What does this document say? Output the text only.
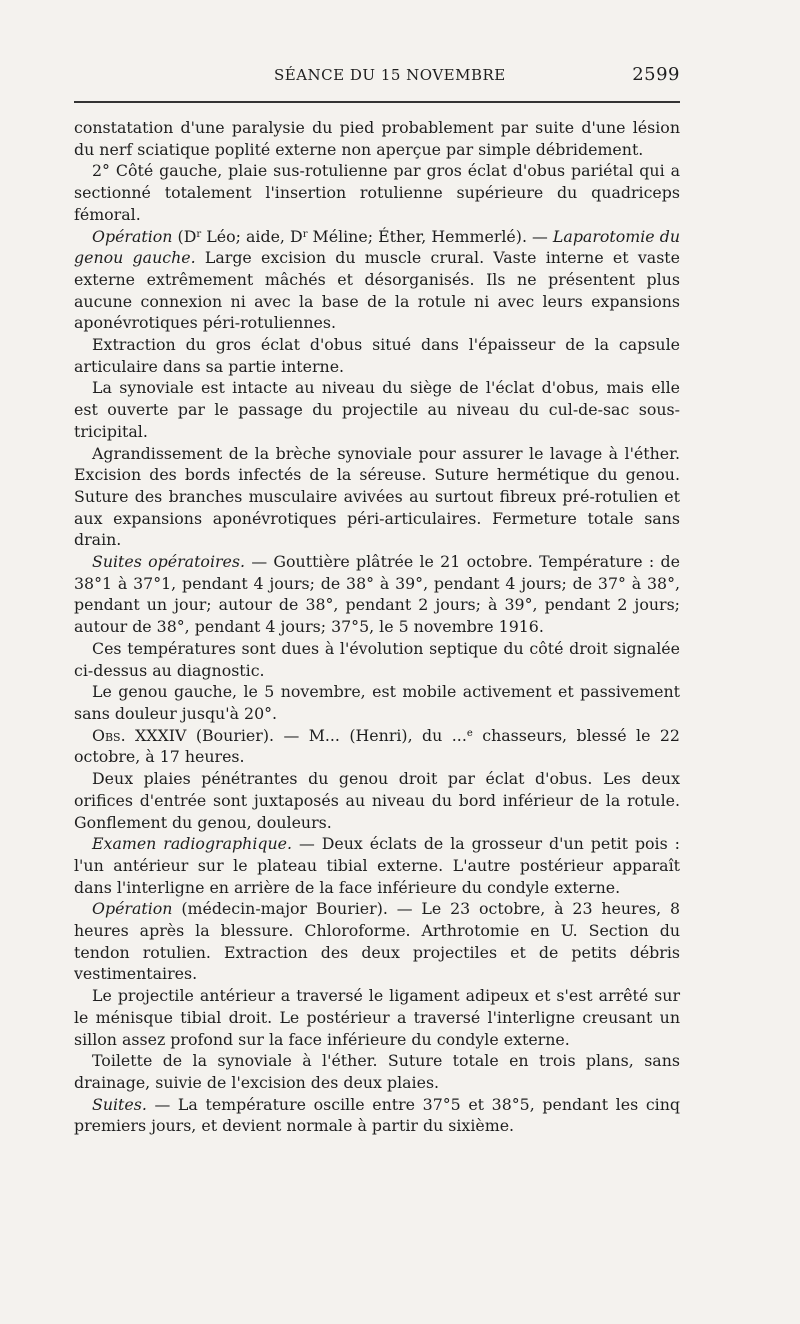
SÉANCE DU 15 NOVEMBRE	2599

constatation d'une paralysie du pied probablement par suite d'une lésion du nerf sciatique poplité externe non aperçue par simple débridement.

2° Côté gauche, plaie sus-rotulienne par gros éclat d'obus pariétal qui a sectionné totalement l'insertion rotulienne supérieure du quadriceps fémoral.

Opération ($D^r$ Léo; aide, $D^r$ Méline; Éther, Hemmerlé). — Laparotomie du genou gauche. Large excision du muscle crural. Vaste interne et vaste externe extrêmement mâchés et désorganisés. Ils ne présentent plus aucune connexion ni avec la base de la rotule ni avec leurs expansions aponévrotiques péri-rotuliennes.

Extraction du gros éclat d'obus situé dans l'épaisseur de la capsule articulaire dans sa partie interne.

La synoviale est intacte au niveau du siège de l'éclat d'obus, mais elle est ouverte par le passage du projectile au niveau du cul-de-sac sous-tricipital.

Agrandissement de la brèche synoviale pour assurer le lavage à l'éther. Excision des bords infectés de la séreuse. Suture hermétique du genou. Suture des branches musculaire avivées au surtout fibreux pré-rotulien et aux expansions aponévrotiques péri-articulaires. Fermeture totale sans drain.

Suites opératoires. — Gouttière plâtrée le 21 octobre. Température : de 38°1 à 37°1, pendant 4 jours; de 38° à 39°, pendant 4 jours; de 37° à 38°, pendant un jour; autour de 38°, pendant 2 jours; à 39°, pendant 2 jours; autour de 38°, pendant 4 jours; 37°5, le 5 novembre 1916.

Ces températures sont dues à l'évolution septique du côté droit signalée ci-dessus au diagnostic.

Le genou gauche, le 5 novembre, est mobile activement et passivement sans douleur jusqu'à 20°.

Obs. XXXIV (Bourier). — M... (Henri), du ...$^e$ chasseurs, blessé le 22 octobre, à 17 heures.

Deux plaies pénétrantes du genou droit par éclat d'obus. Les deux orifices d'entrée sont juxtaposés au niveau du bord inférieur de la rotule. Gonflement du genou, douleurs.

Examen radiographique. — Deux éclats de la grosseur d'un petit pois : l'un antérieur sur le plateau tibial externe. L'autre postérieur apparaît dans l'interligne en arrière de la face inférieure du condyle externe.

Opération (médecin-major Bourier). — Le 23 octobre, à 23 heures, 8 heures après la blessure. Chloroforme. Arthrotomie en U. Section du tendon rotulien. Extraction des deux projectiles et de petits débris vestimentaires.

Le projectile antérieur a traversé le ligament adipeux et s'est arrêté sur le ménisque tibial droit. Le postérieur a traversé l'interligne creusant un sillon assez profond sur la face inférieure du condyle externe.

Toilette de la synoviale à l'éther. Suture totale en trois plans, sans drainage, suivie de l'excision des deux plaies.

Suites. — La température oscille entre 37°5 et 38°5, pendant les cinq premiers jours, et devient normale à partir du sixième.
